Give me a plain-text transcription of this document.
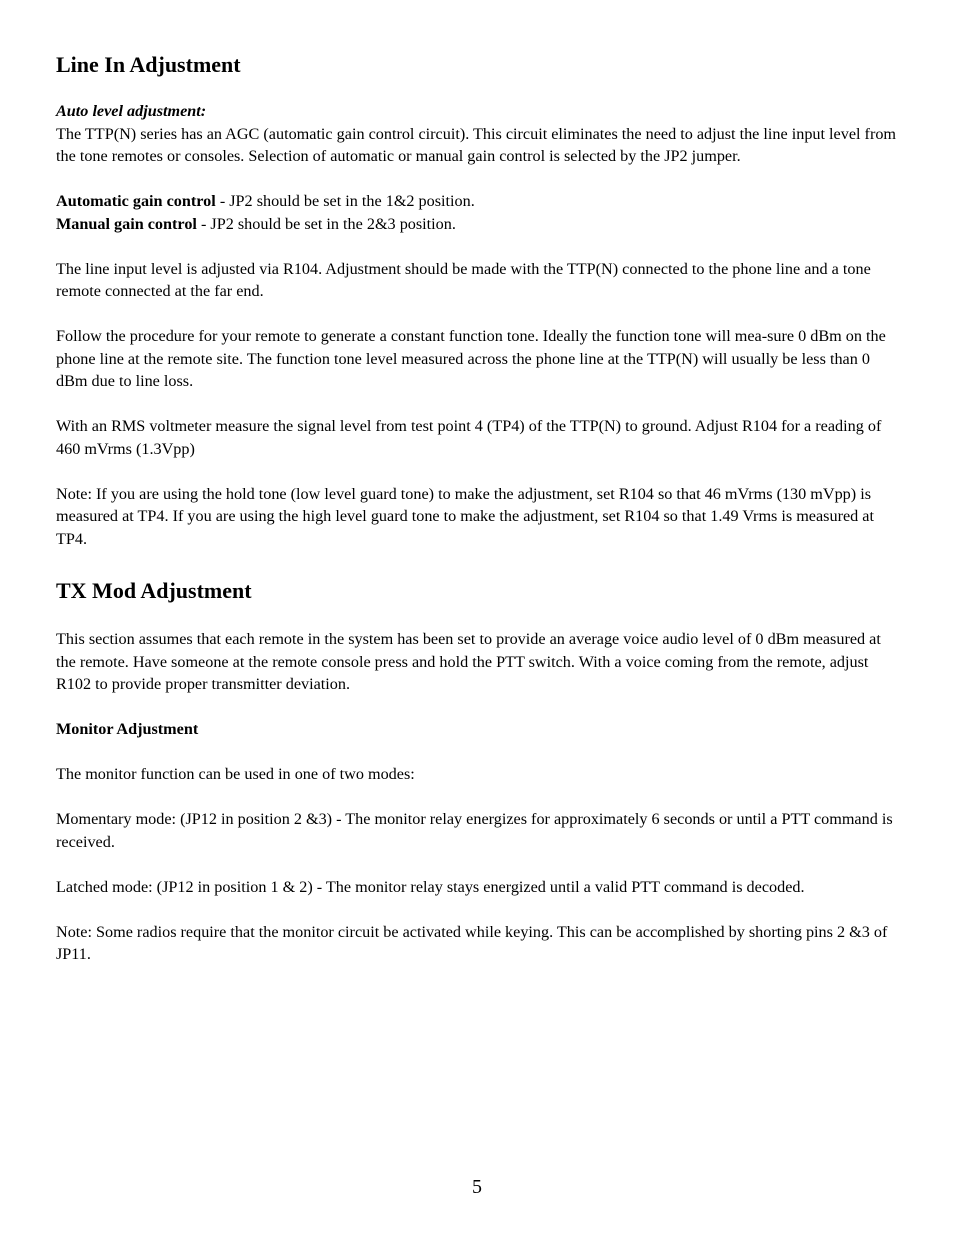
Line In Adjustment

Auto level adjustment:

The TTP(N) series has an AGC (automatic gain control circuit). This circuit eliminates the need to adjust the line input level from the tone remotes or consoles. Selection of automatic or manual gain control is selected by the JP2 jumper.

Automatic gain control - JP2 should be set in the 1&2 position.

Manual gain control - JP2 should be set in the 2&3 position.

The line input level is adjusted via R104. Adjustment should be made with the TTP(N) connected to the phone line and a tone remote connected at the far end.

Follow the procedure for your remote to generate a constant function tone. Ideally the function tone will mea-sure 0 dBm on the phone line at the remote site. The function tone level measured across the phone line at the TTP(N) will usually be less than 0 dBm due to line loss.

With an RMS voltmeter measure the signal level from test point 4 (TP4) of the TTP(N) to ground. Adjust R104 for a reading of 460 mVrms (1.3Vpp)

Note: If you are using the hold tone (low level guard tone) to make the adjustment, set R104 so that 46 mVrms (130 mVpp) is measured at TP4. If you are using the high level guard tone to make the adjustment, set R104 so that 1.49 Vrms is measured at TP4.

TX Mod Adjustment

This section assumes that each remote in the system has been set to provide an average voice audio level of 0 dBm measured at the remote. Have someone at the remote console press and hold the PTT switch. With a voice coming from the remote, adjust R102 to provide proper transmitter deviation.

Monitor Adjustment

The monitor function can be used in one of two modes:

Momentary mode: (JP12 in position 2 &3) - The monitor relay energizes for approximately 6 seconds or until a PTT command is received.

Latched mode: (JP12 in position 1 & 2) - The monitor relay stays energized until a valid PTT command is decoded.

Note: Some radios require that the monitor circuit be activated while keying. This can be accomplished by shorting pins 2 &3 of JP11.

5
